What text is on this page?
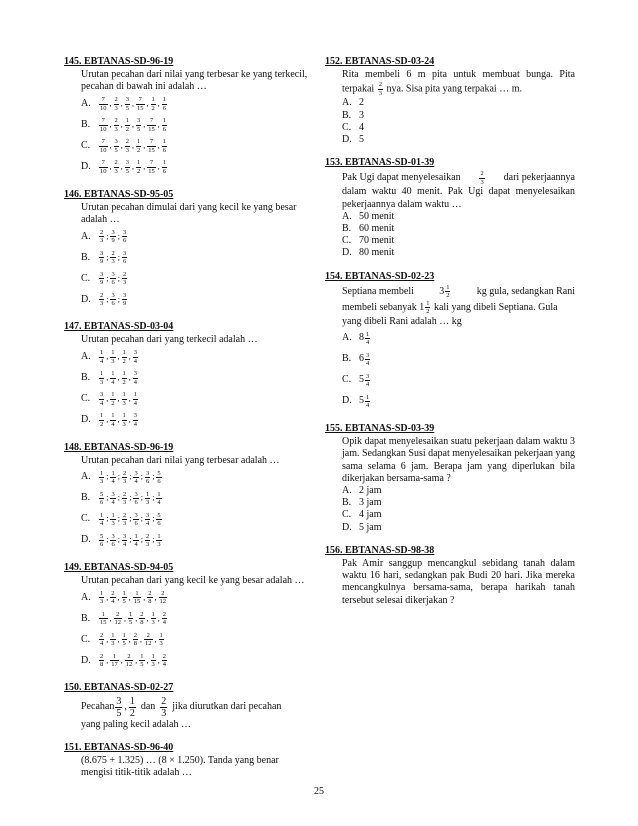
145. EBTANAS-SD-96-19

Urutan pecahan dari nilai yang terbesar ke yang terkecil, pecahan di bawah ini adalah …

A.	7
10
, 2
3
, 3
5
, 7
15
, 1
2
, 1
6
B.	7
10
, 2
3
, 1
2
, 3
5
, 7
15
, 1
6
C.	7
10
, 3
5
, 2
3
, 1
2
, 7
15
, 1
6
D.	7
10
, 2
3
, 3
5
, 1
2
, 7
15
, 1
6
146. EBTANAS-SD-95-05

Urutan pecahan dimulai dari yang kecil ke yang besar adalah …

A.	2
3
; 3
9
; 3
6
B.	3
9
; 2
3
; 3
6
C.	3
9
; 3
6
; 2
3
D.	2
3
; 3
6
; 3
9
147. EBTANAS-SD-03-04

Urutan pecahan dari yang terkecil adalah …

A.	1
4
, 1
3
, 1
2
, 3
4
B.	1
3
, 1
4
, 1
2
, 3
4
C.	3
4
, 1
2
, 1
3
, 1
4
D.	1
2
, 1
4
, 1
3
, 3
4
148. EBTANAS-SD-96-19

Urutan pecahan dari nilai yang terbesar adalah …

A.	1
3
; 1
4
; 2
3
; 3
4
; 3
6
; 5
6
B.	5
6
; 3
4
; 2
3
; 3
6
; 1
3
; 1
4
C.	1
4
; 1
3
; 2
3
; 3
6
; 3
4
; 5
6
D.	5
6
; 3
6
; 3
4
; 1
4
; 2
3
; 1
3
149. EBTANAS-SD-94-05

Urutan pecahan dari yang kecil ke yang besar adalah …

A.	1
3
, 2
4
, 1
5
, 1
15
, 2
8
, 2
12
B.	1
15
, 2
12
, 1
5
, 2
8
, 1
3
, 2
4
C.	2
4
, 1
3
, 1
5
, 2
8
, 2
12
, 1
3
D.	2
8
, 1
17
, 2
12
, 1
5
, 1
3
, 2
4
150. EBTANAS-SD-02-27
Pecahan 3
5
, 1
2
dan 2
3
jika diurutkan dari pecahan

yang paling kecil adalah …

151. EBTANAS-SD-96-40

(8.675 + 1.325) … (8 × 1.250). Tanda yang benar mengisi titik-titik adalah …

152. EBTANAS-SD-03-24
Rita membeli 6 m pita untuk membuat bunga. Pita terpakai $\frac{2}{3}$ nya. Sisa pita yang terpakai … m.
A. 2
B. 3
C. 4
D. 5
153. EBTANAS-SD-01-39
Pak Ugi dapat menyelesaikan	2
3 dari pekerjaannya

dalam waktu 40 menit. Pak Ugi dapat menyelesaikan pekerjaannya dalam waktu …

A. 50 menit
B. 60 menit
C. 70 menit
D. 80 menit
154. EBTANAS-SD-02-23
Septiana membeli	3 1
2	kg gula, sedangkan Rani
membeli sebanyak
1 1
2
kali yang dibeli Septiana. Gula

yang dibeli Rani adalah … kg

A. 8 1
4
B. 6 3
4
C. 5 3
4
D. 5 1
4
155. EBTANAS-SD-03-39

Opik dapat menyelesaikan suatu pekerjaan dalam waktu 3 jam. Sedangkan Susi dapat menyelesaikan pekerjaan yang sama selama 6 jam. Berapa jam yang diperlukan bila dikerjakan bersama-sama ?

A. 2 jam
B. 3 jam
C. 4 jam
D. 5 jam
156. EBTANAS-SD-98-38

Pak Amir sanggup mencangkul sebidang tanah dalam waktu 16 hari, sedangkan pak Budi 20 hari. Jika mereka mencangkulnya bersama-sama, berapa harikah tanah tersebut selesai dikerjakan ?

25
